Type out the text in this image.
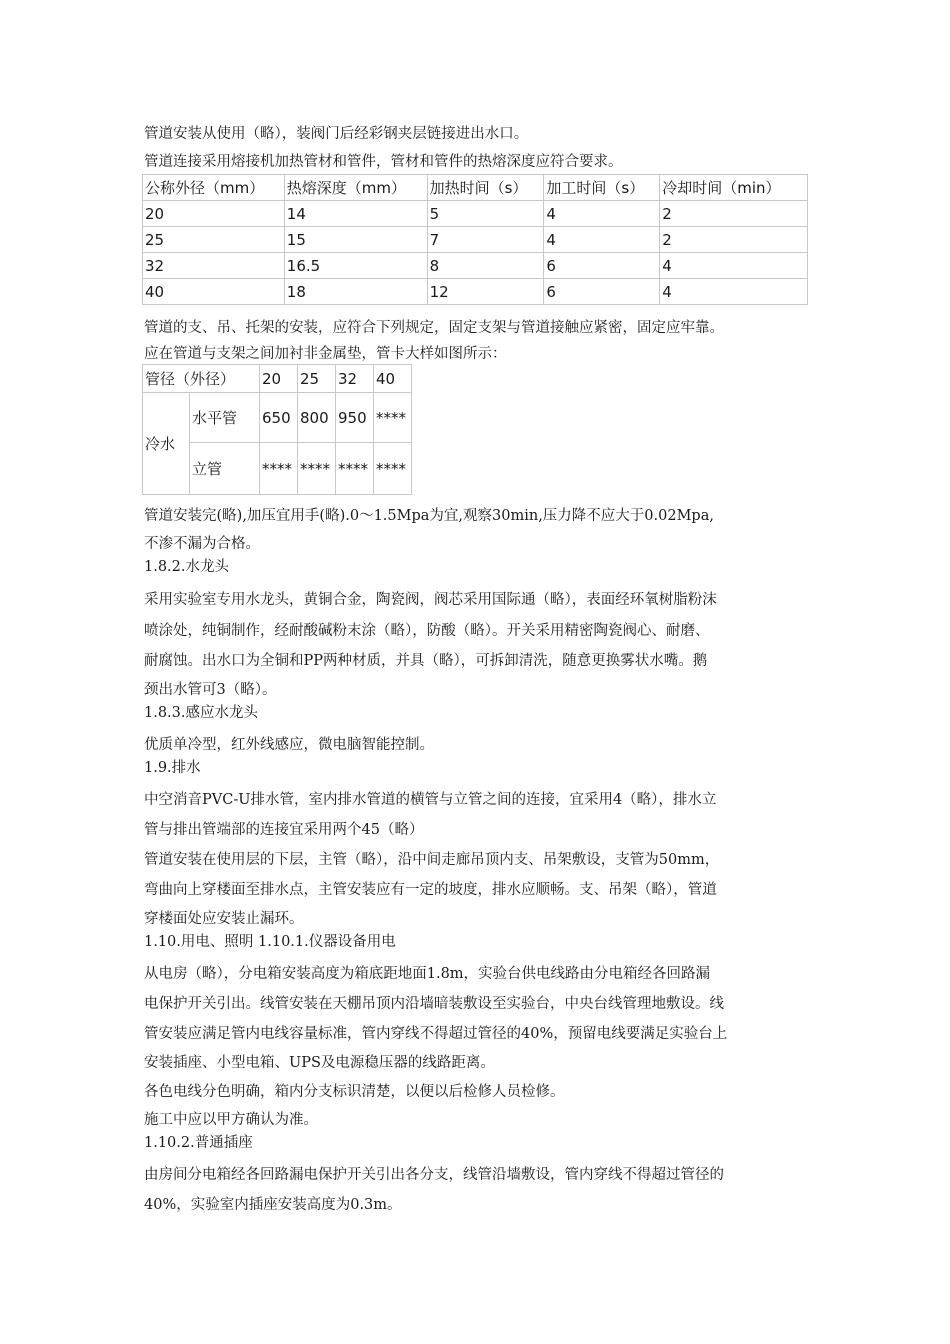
管道安装从使用（略），装阀门后经彩钢夹层链接进出水口。
管道连接采用熔接机加热管材和管件，管材和管件的热熔深度应符合要求。
公称外径（mm）	热熔深度（mm）	加热时间（s）	加工时间（s）	冷却时间（min）
20	14	5	4	2
25	15	7	4	2
32	16.5	8	6	4
40	18	12	6	4
管道的支、吊、托架的安装，应符合下列规定，固定支架与管道接触应紧密，固定应牢靠。
应在管道与支架之间加衬非金属垫，管卡大样如图所示：
管径（外径）		20	25	32	40
冷水	水平管	650	800	950	****
	立管	****	****	****	****
管道安装完(略),加压宜用手(略).0～1.5Mpa为宜,观察30min,压力降不应大于0.02Mpa,
不渗不漏为合格。
1.8.2.水龙头
采用实验室专用水龙头，黄铜合金，陶瓷阀，阀芯采用国际通（略），表面经环氧树脂粉沫
喷涂处，纯铜制作，经耐酸碱粉末涂（略），防酸（略）。开关采用精密陶瓷阀心、耐磨、
耐腐蚀。出水口为全铜和PP两种材质，并具（略），可拆卸清洗，随意更换雾状水嘴。鹅
颈出水管可3（略）。
1.8.3.感应水龙头
优质单冷型，红外线感应，微电脑智能控制。
1.9.排水
中空消音PVC-U排水管，室内排水管道的横管与立管之间的连接，宜采用4（略），排水立
管与排出管端部的连接宜采用两个45（略）
管道安装在使用层的下层，主管（略），沿中间走廊吊顶内支、吊架敷设，支管为50mm，
弯曲向上穿楼面至排水点，主管安装应有一定的坡度，排水应顺畅。支、吊架（略），管道
穿楼面处应安装止漏环。
1.10.用电、照明 1.10.1.仪器设备用电
从电房（略），分电箱安装高度为箱底距地面1.8m，实验台供电线路由分电箱经各回路漏
电保护开关引出。线管安装在天棚吊顶内沿墙暗装敷设至实验台，中央台线管理地敷设。线
管安装应满足管内电线容量标准，管内穿线不得超过管径的40%，预留电线要满足实验台上
安装插座、小型电箱、UPS及电源稳压器的线路距离。
各色电线分色明确，箱内分支标识清楚，以便以后检修人员检修。
施工中应以甲方确认为准。
1.10.2.普通插座
由房间分电箱经各回路漏电保护开关引出各分支，线管沿墙敷设，管内穿线不得超过管径的
40%，实验室内插座安装高度为0.3m。
